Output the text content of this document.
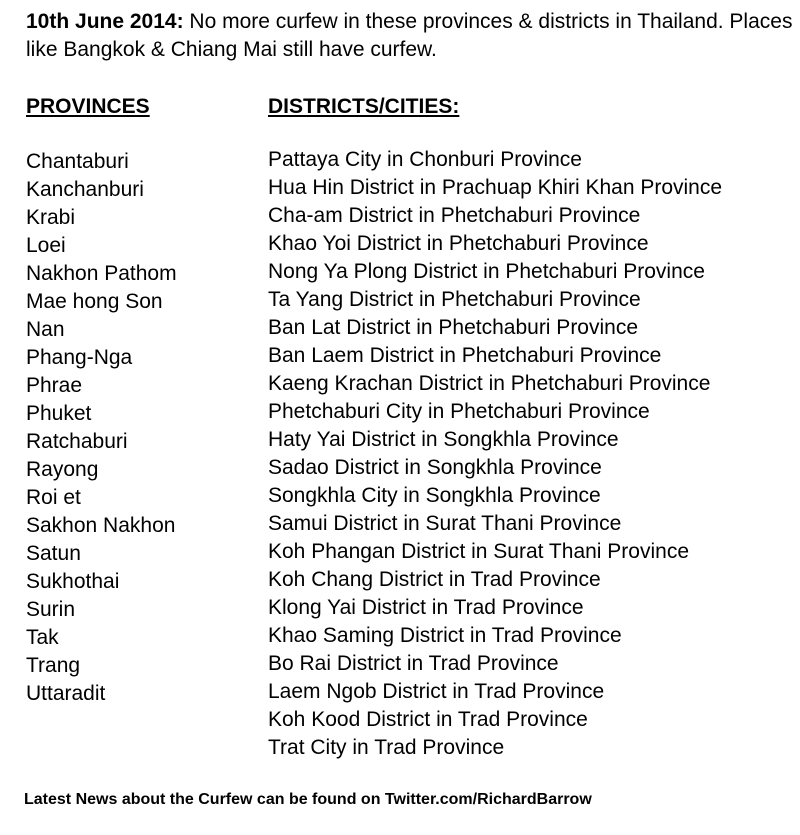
10th June 2014: No more curfew in these provinces & districts in Thailand. Places like Bangkok & Chiang Mai still have curfew.

PROVINCES	DISTRICTS/CITIES:
Chantaburi
Kanchanburi
Krabi
Loei
Nakhon Pathom
Mae hong Son
Nan
Phang-Nga
Phrae
Phuket
Ratchaburi
Rayong
Roi et
Sakhon Nakhon
Satun
Sukhothai
Surin
Tak
Trang
Uttaradit
Pattaya City in Chonburi Province
Hua Hin District in Prachuap Khiri Khan Province
Cha-am District in Phetchaburi Province
Khao Yoi District in Phetchaburi Province
Nong Ya Plong District in Phetchaburi Province
Ta Yang District in Phetchaburi Province
Ban Lat District in Phetchaburi Province
Ban Laem District in Phetchaburi Province
Kaeng Krachan District in Phetchaburi Province
Phetchaburi City in Phetchaburi Province
Haty Yai District in Songkhla Province
Sadao District in Songkhla Province
Songkhla City in Songkhla Province
Samui District in Surat Thani Province
Koh Phangan District in Surat Thani Province
Koh Chang District in Trad Province
Klong Yai District in Trad Province
Khao Saming District in Trad Province
Bo Rai District in Trad Province
Laem Ngob District in Trad Province
Koh Kood District in Trad Province
Trat City in Trad Province

Latest News about the Curfew can be found on Twitter.com/RichardBarrow
